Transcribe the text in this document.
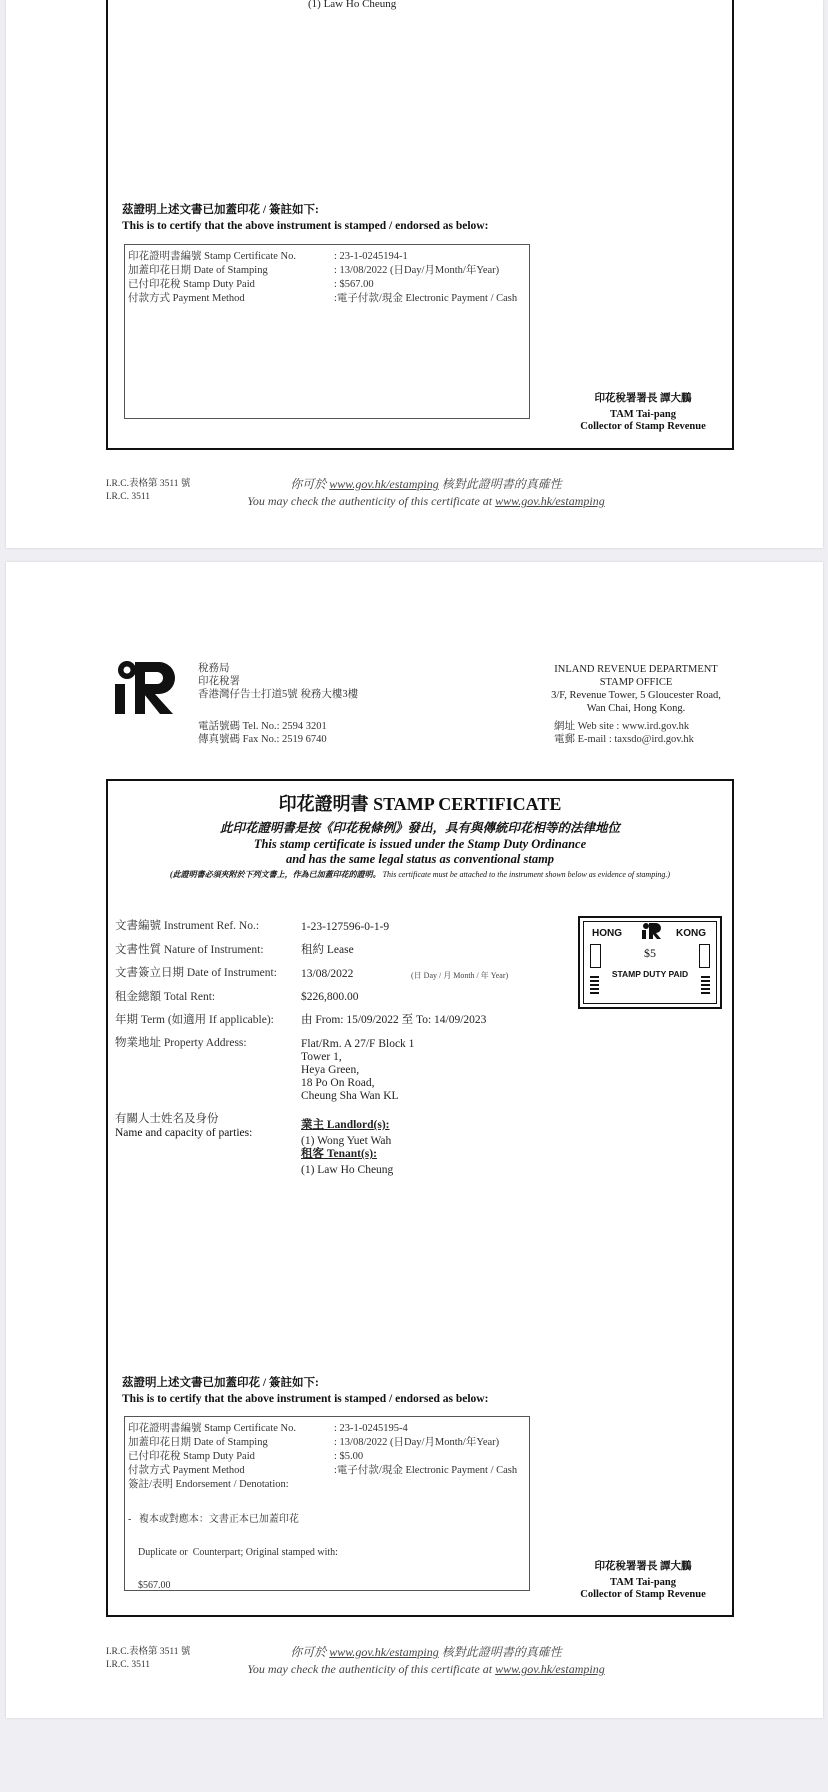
(1) Law Ho Cheung
茲證明上述文書已加蓋印花 / 簽註如下:
This is to certify that the above instrument is stamped / endorsed as below:
印花證明書編號 Stamp Certificate No.	: 23-1-0245194-1
加蓋印花日期 Date of Stamping	: 13/08/2022 (日Day/月Month/年Year)
已付印花稅 Stamp Duty Paid	: $567.00
付款方式 Payment Method	:電子付款/現金 Electronic Payment / Cash
印花稅署署長 譚大鵬
TAM Tai-pang
Collector of Stamp Revenue
I.R.C.表格第 3511 號
I.R.C. 3511
你可於 www.gov.hk/estamping 核對此證明書的真確性
You may check the authenticity of this certificate at www.gov.hk/estamping
稅務局
印花稅署
香港灣仔告士打道5號 稅務大樓3樓
INLAND REVENUE DEPARTMENT
STAMP OFFICE
3/F, Revenue Tower, 5 Gloucester Road,
Wan Chai, Hong Kong.
電話號碼 Tel. No.: 2594 3201
傳真號碼 Fax No.: 2519 6740
網址 Web site : www.ird.gov.hk
電郵 E-mail : taxsdo@ird.gov.hk
印花證明書 STAMP CERTIFICATE
此印花證明書是按《印花稅條例》發出，具有與傳統印花相等的法律地位
This stamp certificate is issued under the Stamp Duty Ordinance
and has the same legal status as conventional stamp
(此證明書必須夾附於下列文書上，作為已加蓋印花的證明。 This certificate must be attached to the instrument shown below as evidence of stamping.)
文書編號 Instrument Ref. No.:	1-23-127596-0-1-9
文書性質 Nature of Instrument:	租約 Lease
文書簽立日期 Date of Instrument: 13/08/2022	(日 Day / 月 Month / 年 Year)
租金總額 Total Rent:	$226,800.00
年期 Term (如適用 If applicable): 由 From: 15/09/2022 至 To: 14/09/2023
物業地址 Property Address:	Flat/Rm. A 27/F Block 1
Tower 1,
Heya Green,
18 Po On Road,
Cheung Sha Wan KL
有關人士姓名及身份
Name and capacity of parties:
業主 Landlord(s):
(1) Wong Yuet Wah
租客 Tenant(s):
(1) Law Ho Cheung
HONG	KONG
$5
STAMP DUTY PAID
茲證明上述文書已加蓋印花 / 簽註如下:
This is to certify that the above instrument is stamped / endorsed as below:
印花證明書編號 Stamp Certificate No.	: 23-1-0245195-4
加蓋印花日期 Date of Stamping	: 13/08/2022 (日Day/月Month/年Year)
已付印花稅 Stamp Duty Paid	: $5.00
付款方式 Payment Method	:電子付款/現金 Electronic Payment / Cash
簽註/表明 Endorsement / Denotation:

-   複本或對應本：文書正本已加蓋印花

Duplicate or  Counterpart; Original stamped with:

$567.00

印花稅署署長 譚大鵬
TAM Tai-pang
Collector of Stamp Revenue
I.R.C.表格第 3511 號
I.R.C. 3511
你可於 www.gov.hk/estamping 核對此證明書的真確性
You may check the authenticity of this certificate at www.gov.hk/estamping
